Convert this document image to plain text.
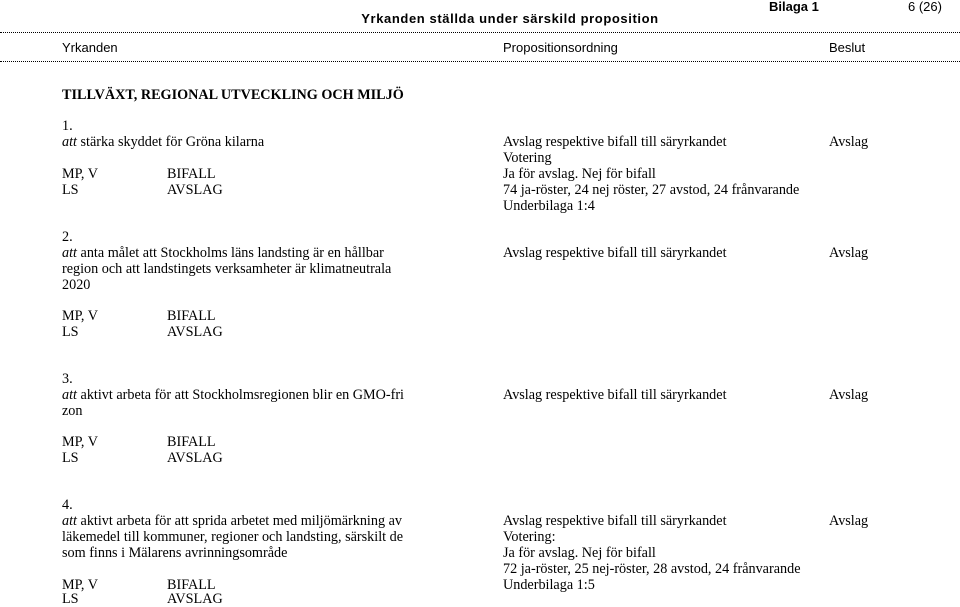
Yrkanden ställda under särskild proposition
Bilaga 1	6 (26)
Yrkanden	Propositionsordning	Beslut
TILLVÄXT, REGIONAL UTVECKLING OCH MILJÖ
1.
att stärka skyddet för Gröna kilarna	Avslag respektive bifall till säryrkandet	Avslag
Votering
MP, V	BIFALL	Ja för avslag. Nej för bifall
LS	AVSLAG	74 ja-röster, 24 nej röster, 27 avstod, 24 frånvarande
Underbilaga 1:4
2.
att anta målet att Stockholms läns landsting är en hållbar
region och att landstingets verksamheter är klimatneutrala
2020
Avslag respektive bifall till säryrkandet	Avslag
MP, V	BIFALL
LS	AVSLAG
3.
att aktivt arbeta för att Stockholmsregionen blir en GMO-fri
zon
Avslag respektive bifall till säryrkandet	Avslag
MP, V	BIFALL
LS	AVSLAG
4.
att aktivt arbeta för att sprida arbetet med miljömärkning av
läkemedel till kommuner, regioner och landsting, särskilt de
som finns i Mälarens avrinningsområde
Avslag respektive bifall till säryrkandet	Avslag
Votering:
Ja för avslag. Nej för bifall
72 ja-röster, 25 nej-röster, 28 avstod, 24 frånvarande
MP, V	BIFALL	Underbilaga 1:5
LS	AVSLAG
